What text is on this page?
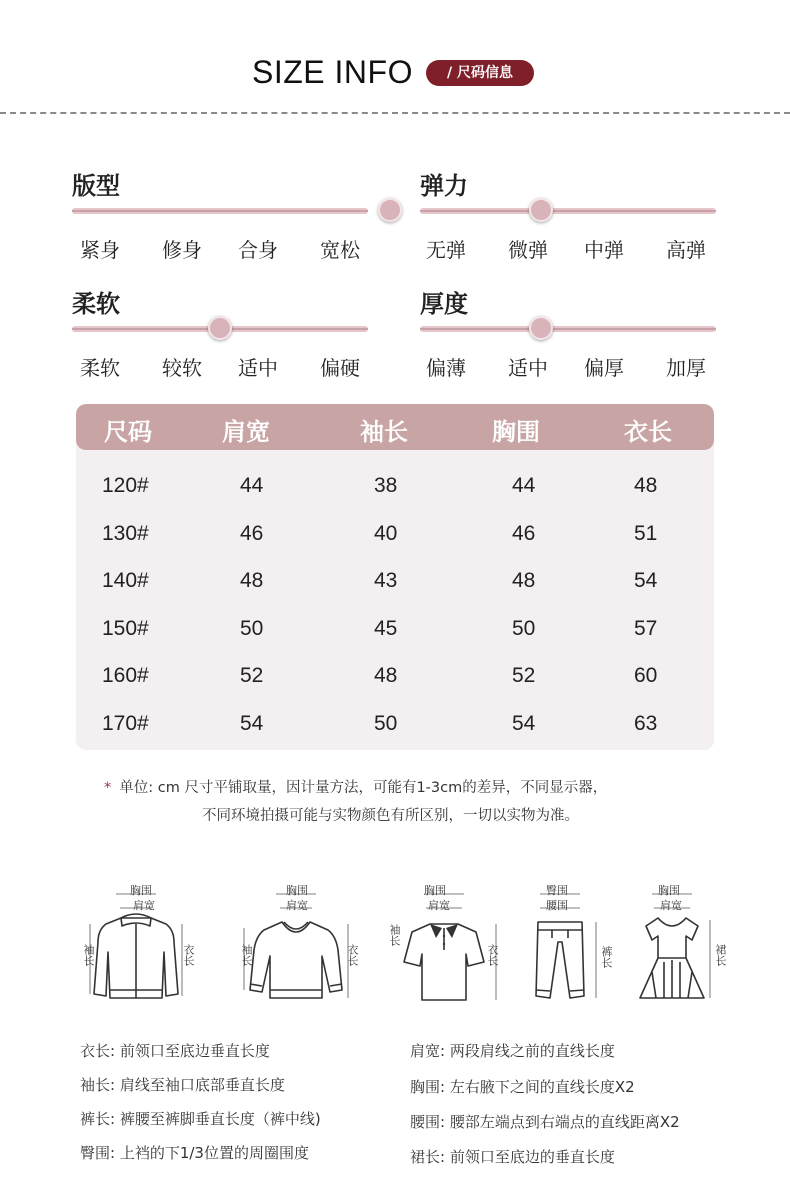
SIZE INFO	/ 尺码信息
版型
紧身 修身 合身 宽松
弹力
无弹 微弹 中弹 高弹
柔软
柔软 较软 适中 偏硬
厚度
偏薄 适中 偏厚 加厚
尺码	肩宽	袖长	胸围	衣长
120#	44	38	44	48
130#	46	40	46	51
140#	48	43	48	54
150#	50	45	50	57
160#	52	48	52	60
170#	54	50	54	63
* 单位: cm 尺寸平铺取量，因计量方法，可能有1-3cm的差异，不同显示器，
不同环境拍摄可能与实物颜色有所区别，一切以实物为准。
胸围
肩宽
袖长	衣长
胸围
肩宽
袖长	衣长
胸围
肩宽
袖长
衣长
臀围
腰围
裤长
胸围
肩宽
裙长
衣长: 前领口至底边垂直长度
袖长: 肩线至袖口底部垂直长度
裤长: 裤腰至裤脚垂直长度（裤中线)
臀围: 上裆的下1/3位置的周圈围度
肩宽: 两段肩线之前的直线长度
胸围: 左右腋下之间的直线长度X2
腰围: 腰部左端点到右端点的直线距离X2
裙长: 前领口至底边的垂直长度
